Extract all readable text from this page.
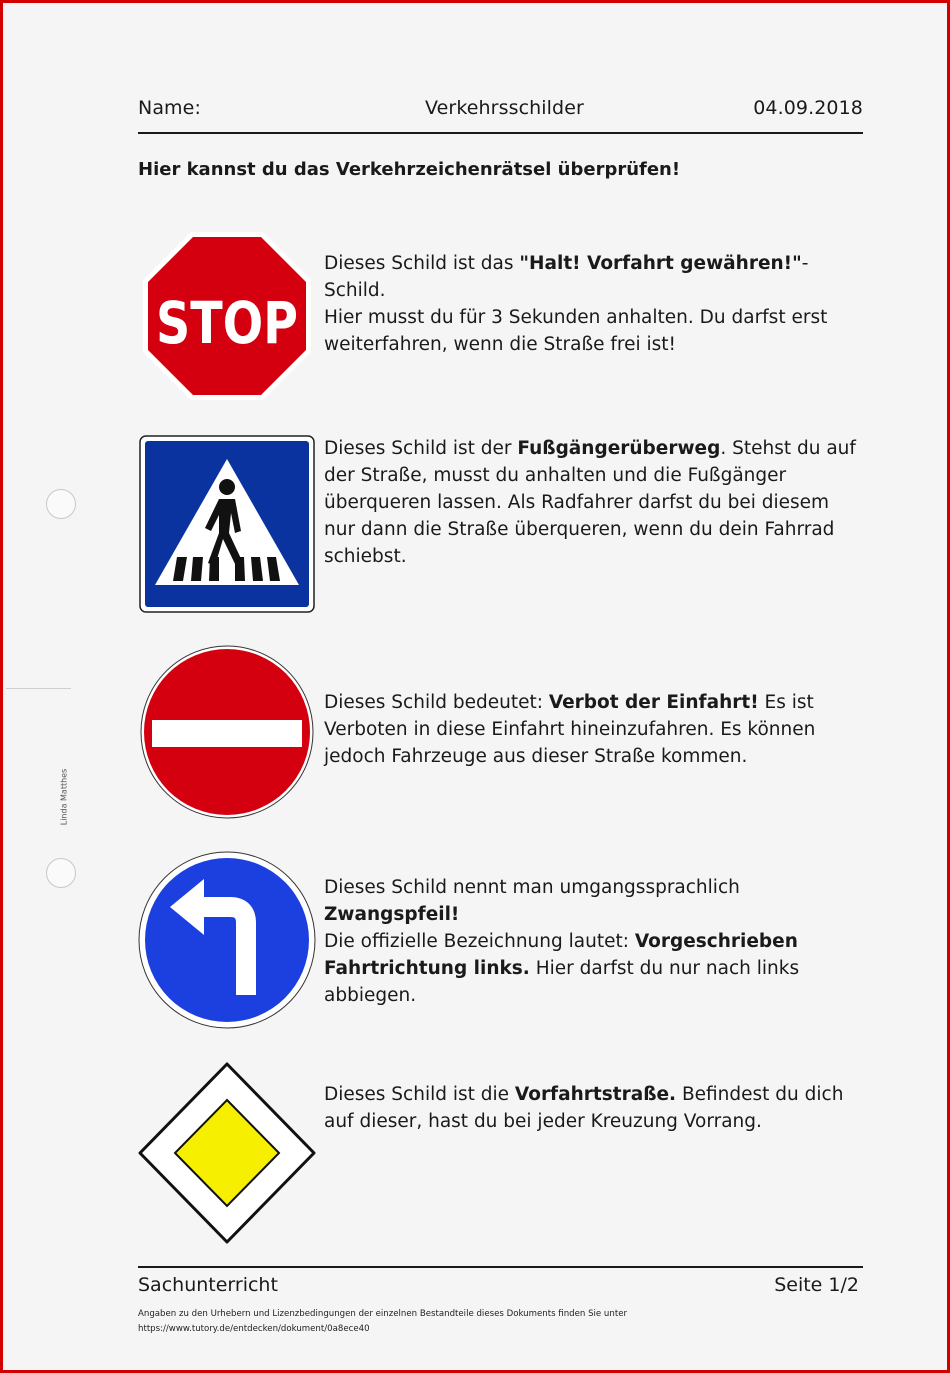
Name:	Verkehrsschilder	04.09.2018
Hier kannst du das Verkehrzeichenrätsel überprüfen!
STOP
Dieses Schild ist das "Halt! Vorfahrt gewähren!"-Schild.
Hier musst du für 3 Sekunden anhalten. Du darfst erst weiterfahren, wenn die Straße frei ist!
Dieses Schild ist der Fußgängerüberweg. Stehst du auf der Straße, musst du anhalten und die Fußgänger überqueren lassen. Als Radfahrer darfst du bei diesem nur dann die Straße überqueren, wenn du dein Fahrrad schiebst.
Dieses Schild bedeutet: Verbot der Einfahrt! Es ist Verboten in diese Einfahrt hineinzufahren. Es können jedoch Fahrzeuge aus dieser Straße kommen.
Dieses Schild nennt man umgangssprachlich Zwangspfeil!
Die offizielle Bezeichnung lautet: Vorgeschrieben Fahrtrichtung links. Hier darfst du nur nach links abbiegen.
Dieses Schild ist die Vorfahrtstraße. Befindest du dich auf dieser, hast du bei jeder Kreuzung Vorrang.
Linda Matthes
Sachunterricht	Seite 1/2
Angaben zu den Urhebern und Lizenzbedingungen der einzelnen Bestandteile dieses Dokuments finden Sie unter
https://www.tutory.de/entdecken/dokument/0a8ece40
